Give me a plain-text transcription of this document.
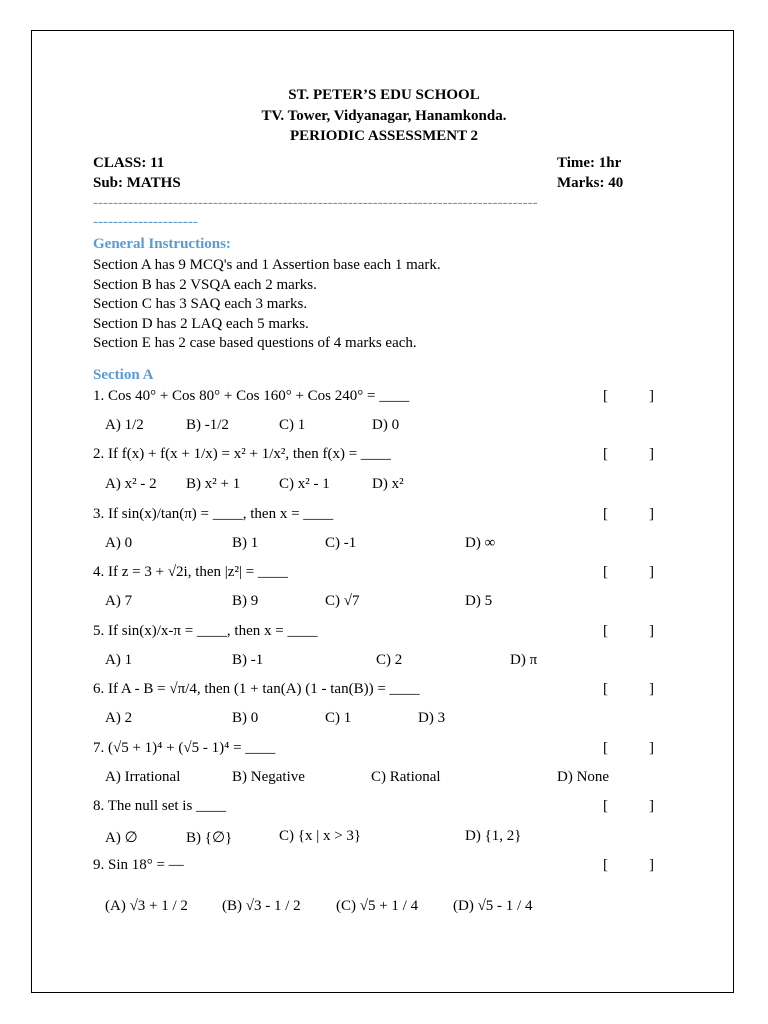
ST. PETER’S EDU SCHOOL
TV. Tower, Vidyanagar, Hanamkonda.
PERIODIC ASSESSMENT 2
CLASS: 11	Time: 1hr
Sub: MATHS	Marks: 40
-----------------------------------------------------------------------------------------
---------------------
General Instructions:
Section A has 9 MCQ's and 1 Assertion base each 1 mark.
Section B has 2 VSQA each 2 marks.
Section C has 3 SAQ each 3 marks.
Section D has 2 LAQ each 5 marks.
Section E has 2 case based questions of 4 marks each.
Section A
1. Cos 40° + Cos 80° + Cos 160° + Cos 240° = ____	[	]
A) 1/2	B) -1/2	C) 1	D) 0
2. If f(x) + f(x + 1/x) = x² + 1/x², then f(x) = ____	[	]
A) x² - 2 B) x² + 1	C) x² - 1	D) x²
3. If sin(x)/tan(π) = ____, then x = ____	[	]
A) 0	B) 1	C) -1	D) ∞
4. If z = 3 + √2i, then |z²| = ____	[	]
A) 7	B) 9	C) √7	D) 5
5. If sin(x)/x-π = ____, then x = ____	[	]
A) 1	B) -1	C) 2	D) π
6. If A - B = √π/4, then (1 + tan(A) (1 - tan(B)) = ____	[	]
A) 2	B) 0	C) 1	D) 3
7. (√5 + 1)⁴ + (√5 - 1)⁴ = ____	[	]
A) Irrational	B) Negative	C) Rational	D) None
8. The null set is ____	[	]
A) ∅	B) {∅}	C) {x | x > 3}	D) {1, 2}
9. Sin 18° = —	[	]
(A) √3 + 1 / 2 (B) √3 - 1 / 2 (C) √5 + 1 / 4 (D) √5 - 1 / 4
